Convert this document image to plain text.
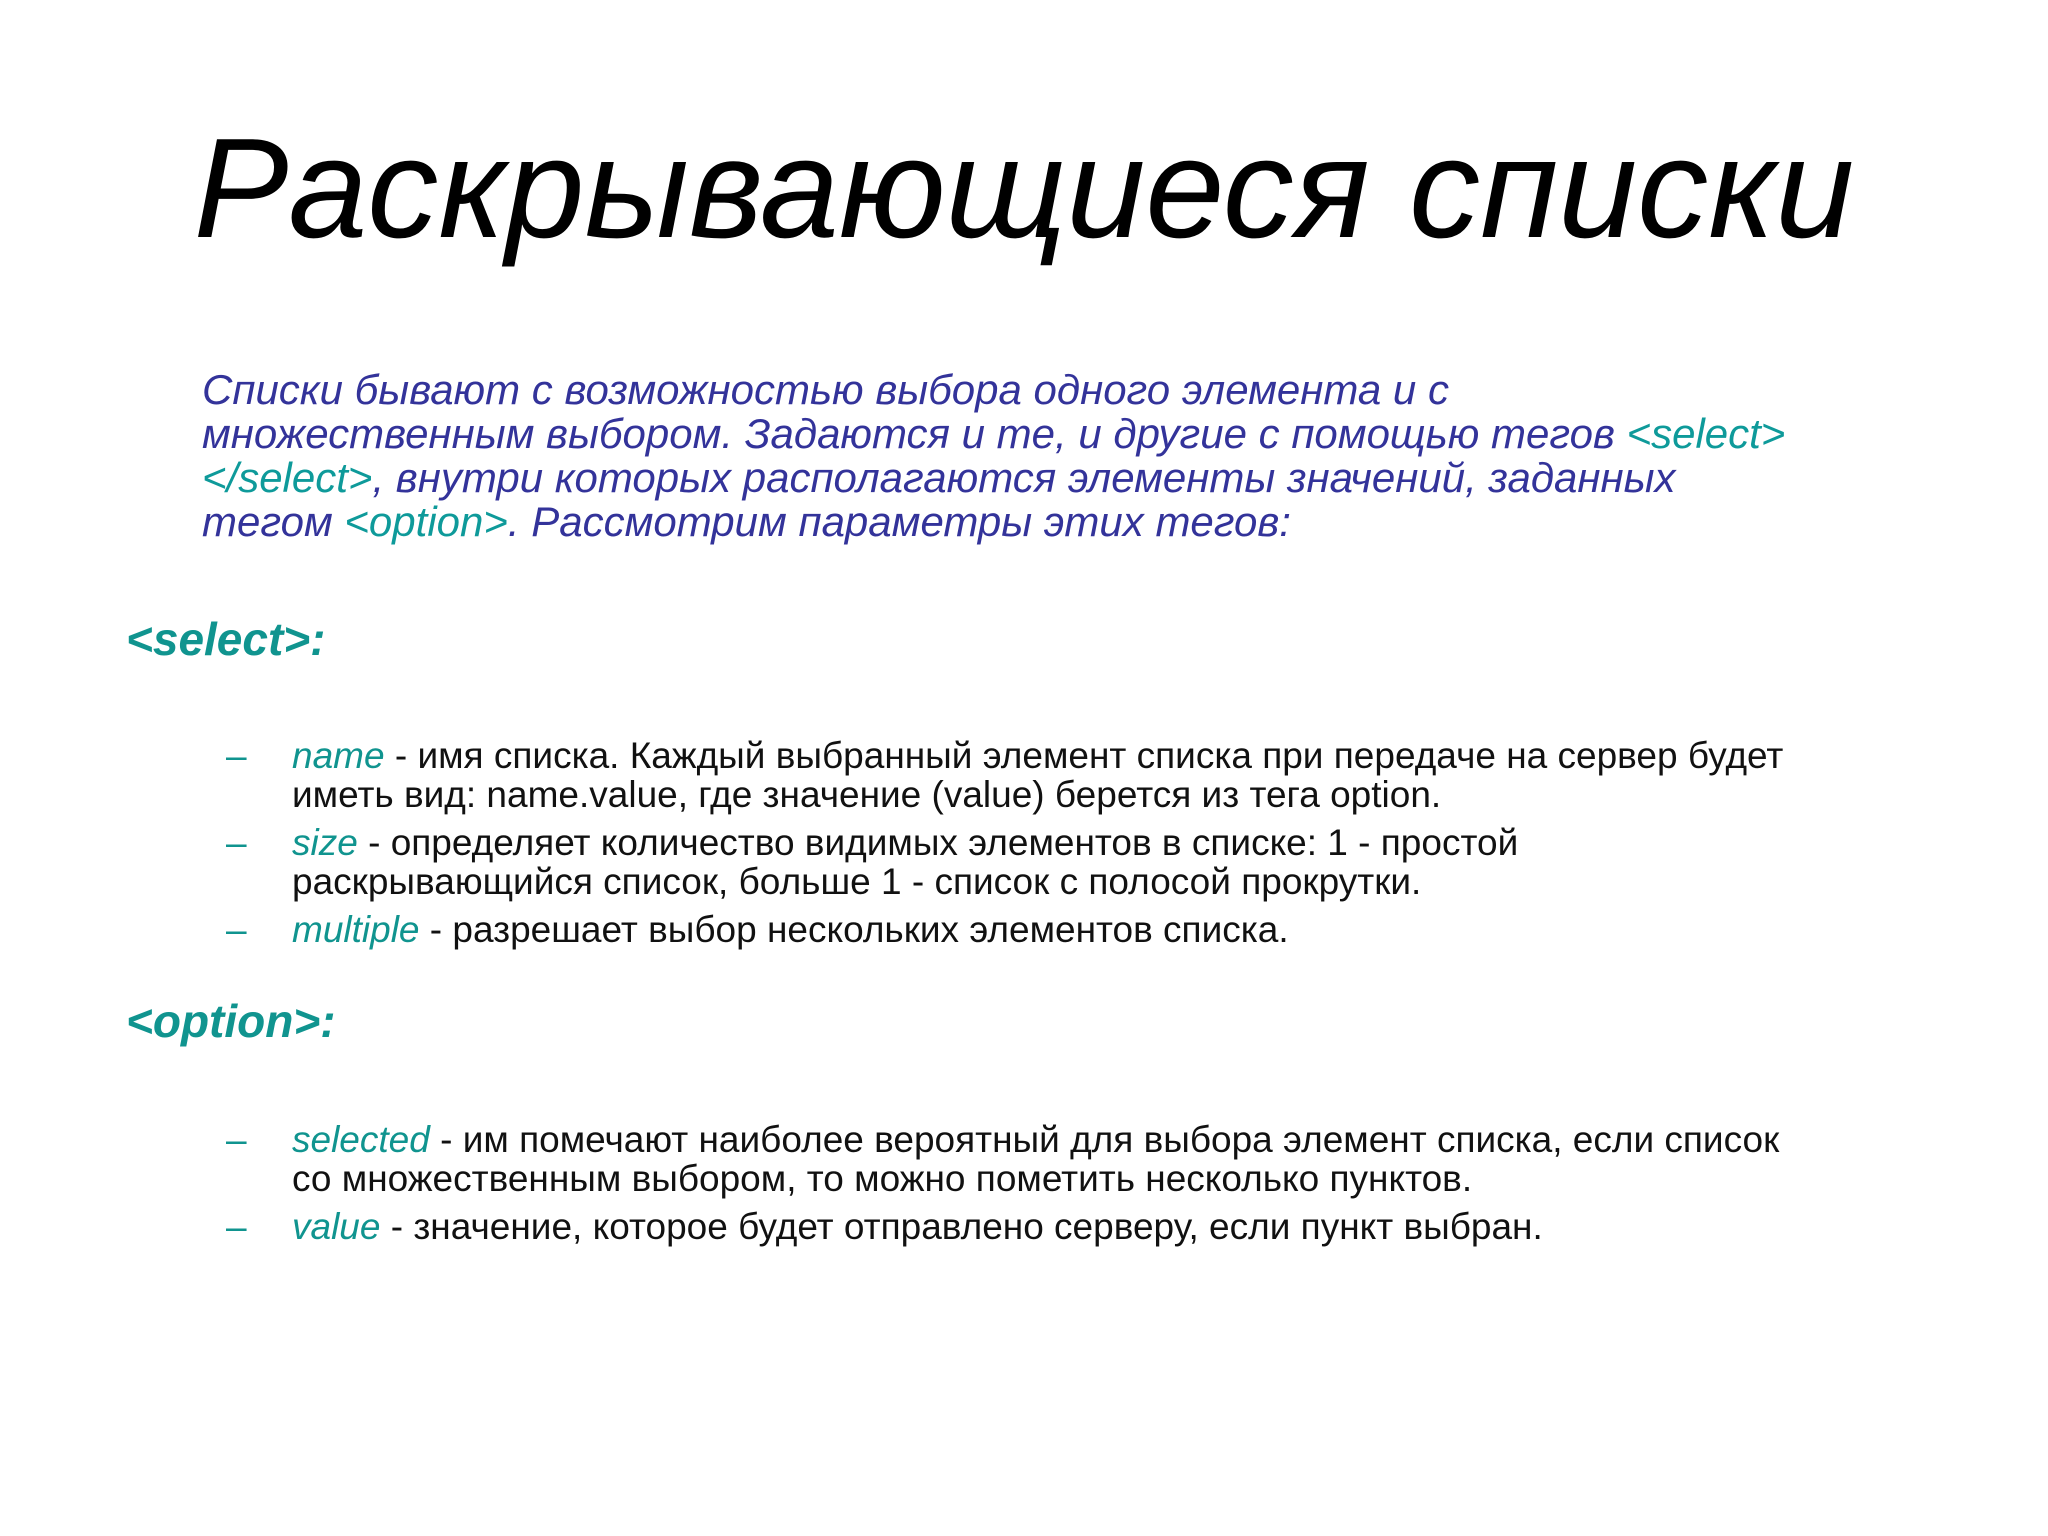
Раскрывающиеся списки
Списки бывают с возможностью выбора одного элемента и с
множественным выбором. Задаются и те, и другие с помощью тегов <select>
</select>, внутри которых располагаются элементы значений, заданных
тегом <option>. Рассмотрим параметры этих тегов:
<select>:
– name - имя списка. Каждый выбранный элемент списка при передаче на сервер будет
иметь вид: name.value, где значение (value) берется из тега option.
– size - определяет количество видимых элементов в списке: 1 - простой
раскрывающийся список, больше 1 - список с полосой прокрутки.
– multiple - разрешает выбор нескольких элементов списка.
<option>:
– selected - им помечают наиболее вероятный для выбора элемент списка, если список
со множественным выбором, то можно пометить несколько пунктов.
– value - значение, которое будет отправлено серверу, если пункт выбран.
